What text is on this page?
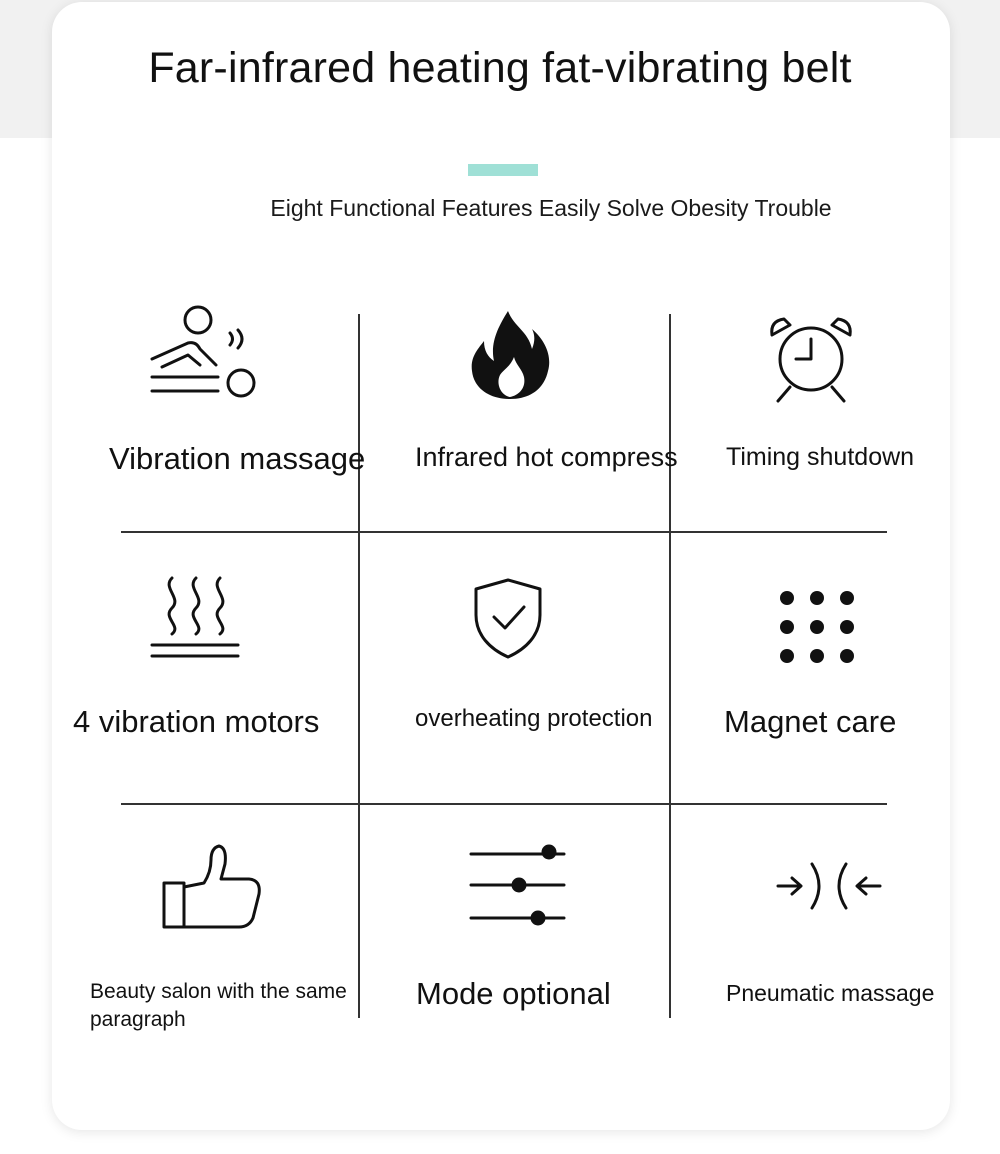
Far-infrared heating fat-vibrating belt
Eight Functional Features Easily Solve Obesity Trouble
Vibration massage Infrared hot compress Timing shutdown
4 vibration motors	overheating protection Magnet care
Beauty salon with the same paragraph
Mode optional	Pneumatic massage
